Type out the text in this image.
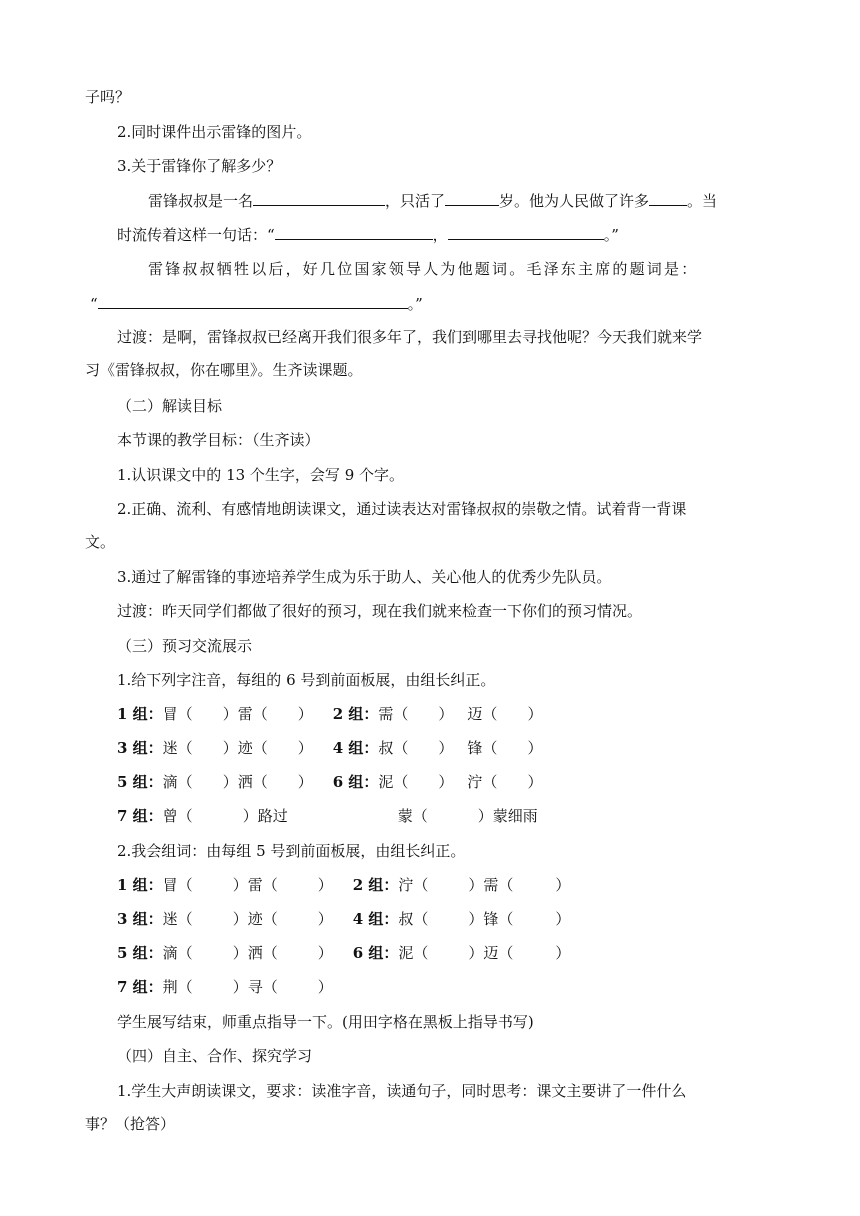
子吗？
2.同时课件出示雷锋的图片。
3.关于雷锋你了解多少？
雷锋叔叔是一名	，只活了	岁。他为人民做了许多	。当
时流传着这样一句话：“	，	。”
雷锋叔叔牺牲以后，好几位国家领导人为他题词。毛泽东主席的题词是：
“	。”
过渡：是啊，雷锋叔叔已经离开我们很多年了，我们到哪里去寻找他呢？今天我们就来学
习《雷锋叔叔，你在哪里》。生齐读课题。
（二）解读目标
本节课的教学目标：（生齐读）
1.认识课文中的 13 个生字，会写 9 个字。
2.正确、流利、有感情地朗读课文，通过读表达对雷锋叔叔的崇敬之情。试着背一背课
文。
3.通过了解雷锋的事迹培养学生成为乐于助人、关心他人的优秀少先队员。
过渡：昨天同学们都做了很好的预习，现在我们就来检查一下你们的预习情况。
（三）预习交流展示
1.给下列字注音，每组的 6 号到前面板展，由组长纠正。
1 组：冒（ ）雷（ ） 2 组：需（ ） 迈（ ）
3 组：迷（ ）迹（ ） 4 组：叔（ ） 锋（ ）
5 组：滴（ ）洒（ ） 6 组：泥（ ） 泞（ ）
7 组：曾（	）路过	蒙（	）蒙细雨
2.我会组词：由每组 5 号到前面板展，由组长纠正。
1 组：冒（	）雷（	） 2 组：泞（	）需（	）
3 组：迷（	）迹（	） 4 组：叔（	）锋（	）
5 组：滴（	）洒（	） 6 组：泥（	）迈（	）
7 组：荆（	）寻（	）
学生展写结束，师重点指导一下。(用田字格在黑板上指导书写)
（四）自主、合作、探究学习
1.学生大声朗读课文，要求：读准字音，读通句子，同时思考：课文主要讲了一件什么
事？（抢答）
